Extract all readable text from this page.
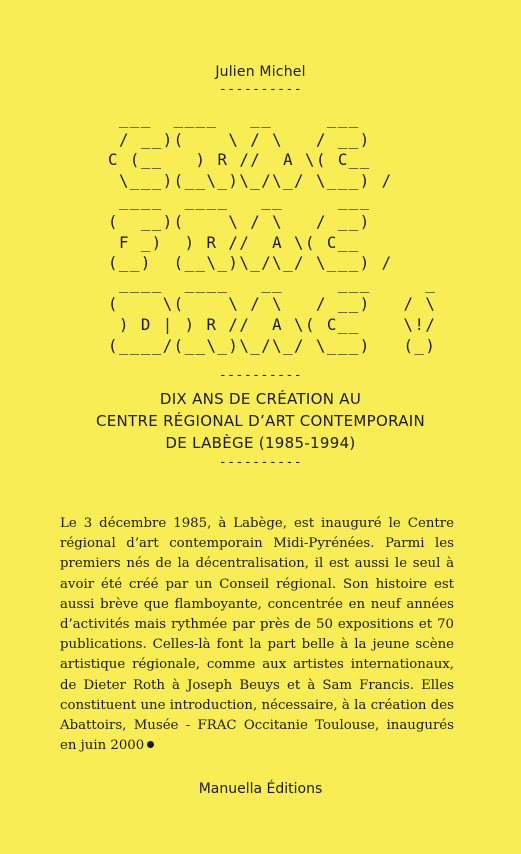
Julien Michel
----------
___  ____   __     ___
/ __)(    \ / \   / __)
C (__   ) R //  A \( C__
\___)(__\_)\_/\_/ \___) /
____  ____   __     ___
(  __)(    \ / \   / __)
F _)  ) R //  A \( C__
(__)  (__\_)\_/\_/ \___) /
____  ____   __     ___     _
(    \(    \ / \   / __)   / \
) D | ) R //  A \( C__    \!/
(____/(__\_)\_/\_/ \___)   (_)
----------
DIX ANS DE CRÉATION AU
CENTRE RÉGIONAL D’ART CONTEMPORAIN
DE LABÈGE (1985-1994)
----------

Le 3 décembre 1985, à Labège, est inauguré le Centre régional d’art contemporain Midi-Pyrénées. Parmi les premiers nés de la décentralisation, il est aussi le seul à avoir été créé par un Conseil régional. Son histoire est aussi brève que flamboyante, concentrée en neuf années d’activités mais rythmée par près de 50 expositions et 70 publications. Celles-là font la part belle à la jeune scène artistique régionale, comme aux artistes internationaux, de Dieter Roth à Joseph Beuys et à Sam Francis. Elles constituent une introduction, nécessaire, à la création des Abattoirs, Musée - FRAC Occitanie Toulouse, inaugurés en juin 2000

Manuella Éditions
